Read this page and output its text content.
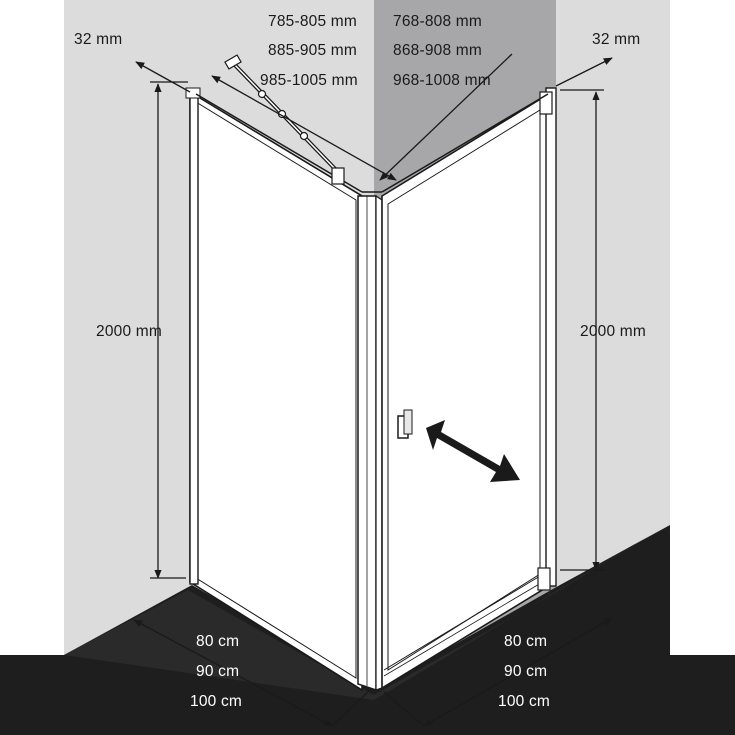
785-805 mm
885-905 mm
985-1005 mm
768-808 mm
868-908 mm
968-1008 mm
32 mm	32 mm
2000 mm	2000 mm
80 cm
90 cm
100 cm
80 cm
90 cm
100 cm
